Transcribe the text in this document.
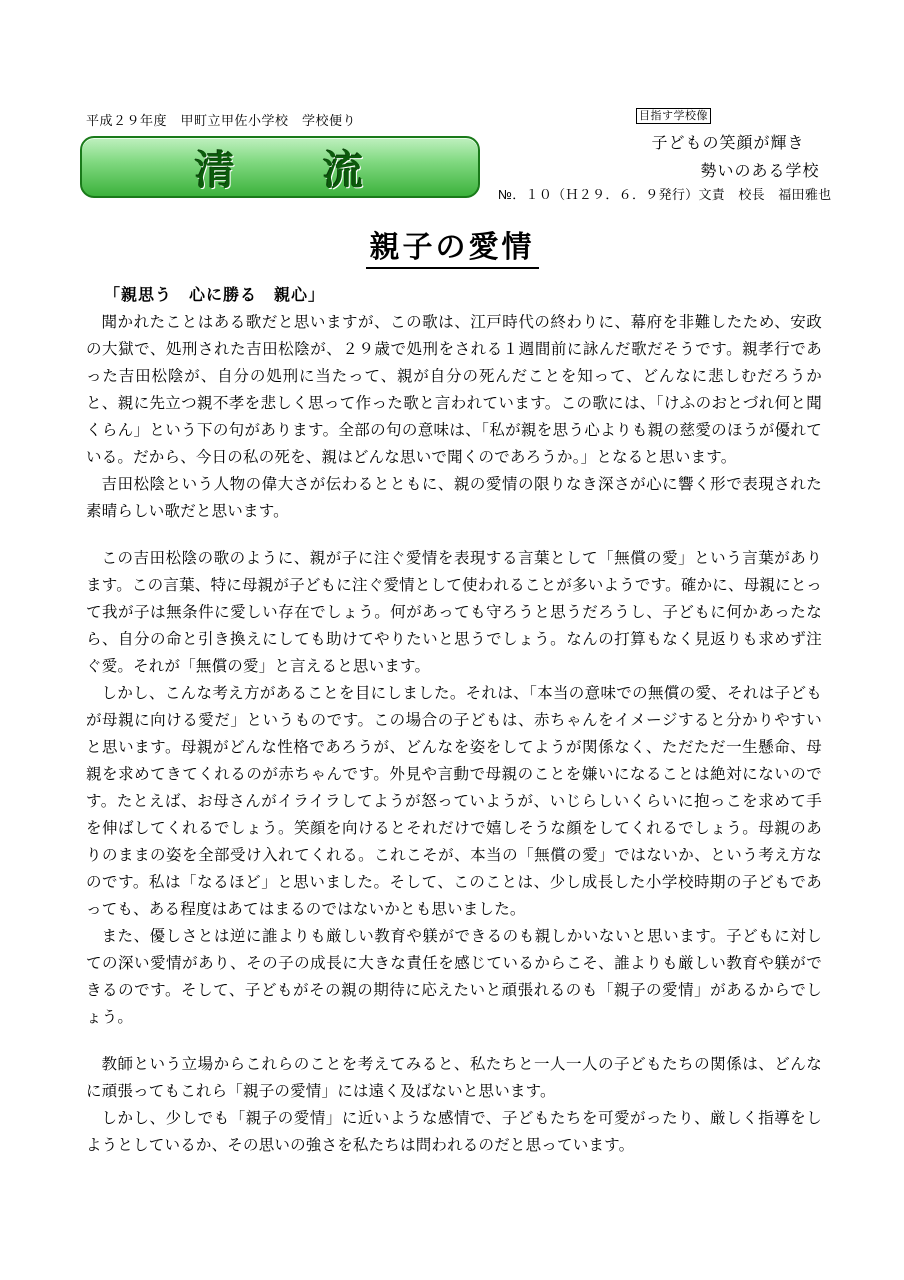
平成２９年度　甲町立甲佐小学校　学校便り
清 流
目指す学校像
子どもの笑顔が輝き
勢いのある学校
№．１０（Ｈ２９．６．９発行）文責　校長　福田雅也
親子の愛情
「親思う　心に勝る　親心」

聞かれたことはある歌だと思いますが、この歌は、江戸時代の終わりに、幕府を非難したため、安政の大獄で、処刑された吉田松陰が、２９歳で処刑をされる１週間前に詠んだ歌だそうです。親孝行であった吉田松陰が、自分の処刑に当たって、親が自分の死んだことを知って、どんなに悲しむだろうかと、親に先立つ親不孝を悲しく思って作った歌と言われています。この歌には、「けふのおとづれ何と聞くらん」という下の句があります。全部の句の意味は、「私が親を思う心よりも親の慈愛のほうが優れている。だから、今日の私の死を、親はどんな思いで聞くのであろうか。」となると思います。

吉田松陰という人物の偉大さが伝わるとともに、親の愛情の限りなき深さが心に響く形で表現された素晴らしい歌だと思います。

この吉田松陰の歌のように、親が子に注ぐ愛情を表現する言葉として「無償の愛」という言葉があります。この言葉、特に母親が子どもに注ぐ愛情として使われることが多いようです。確かに、母親にとって我が子は無条件に愛しい存在でしょう。何があっても守ろうと思うだろうし、子どもに何かあったなら、自分の命と引き換えにしても助けてやりたいと思うでしょう。なんの打算もなく見返りも求めず注ぐ愛。それが「無償の愛」と言えると思います。

しかし、こんな考え方があることを目にしました。それは、「本当の意味での無償の愛、それは子どもが母親に向ける愛だ」というものです。この場合の子どもは、赤ちゃんをイメージすると分かりやすいと思います。母親がどんな性格であろうが、どんなを姿をしてようが関係なく、ただただ一生懸命、母親を求めてきてくれるのが赤ちゃんです。外見や言動で母親のことを嫌いになることは絶対にないのです。たとえば、お母さんがイライラしてようが怒っていようが、いじらしいくらいに抱っこを求めて手を伸ばしてくれるでしょう。笑顔を向けるとそれだけで嬉しそうな顔をしてくれるでしょう。母親のありのままの姿を全部受け入れてくれる。これこそが、本当の「無償の愛」ではないか、という考え方なのです。私は「なるほど」と思いました。そして、このことは、少し成長した小学校時期の子どもであっても、ある程度はあてはまるのではないかとも思いました。

また、優しさとは逆に誰よりも厳しい教育や躾ができるのも親しかいないと思います。子どもに対しての深い愛情があり、その子の成長に大きな責任を感じているからこそ、誰よりも厳しい教育や躾ができるのです。そして、子どもがその親の期待に応えたいと頑張れるのも「親子の愛情」があるからでしょう。

教師という立場からこれらのことを考えてみると、私たちと一人一人の子どもたちの関係は、どんなに頑張ってもこれら「親子の愛情」には遠く及ばないと思います。

しかし、少しでも「親子の愛情」に近いような感情で、子どもたちを可愛がったり、厳しく指導をしようとしているか、その思いの強さを私たちは問われるのだと思っています。
